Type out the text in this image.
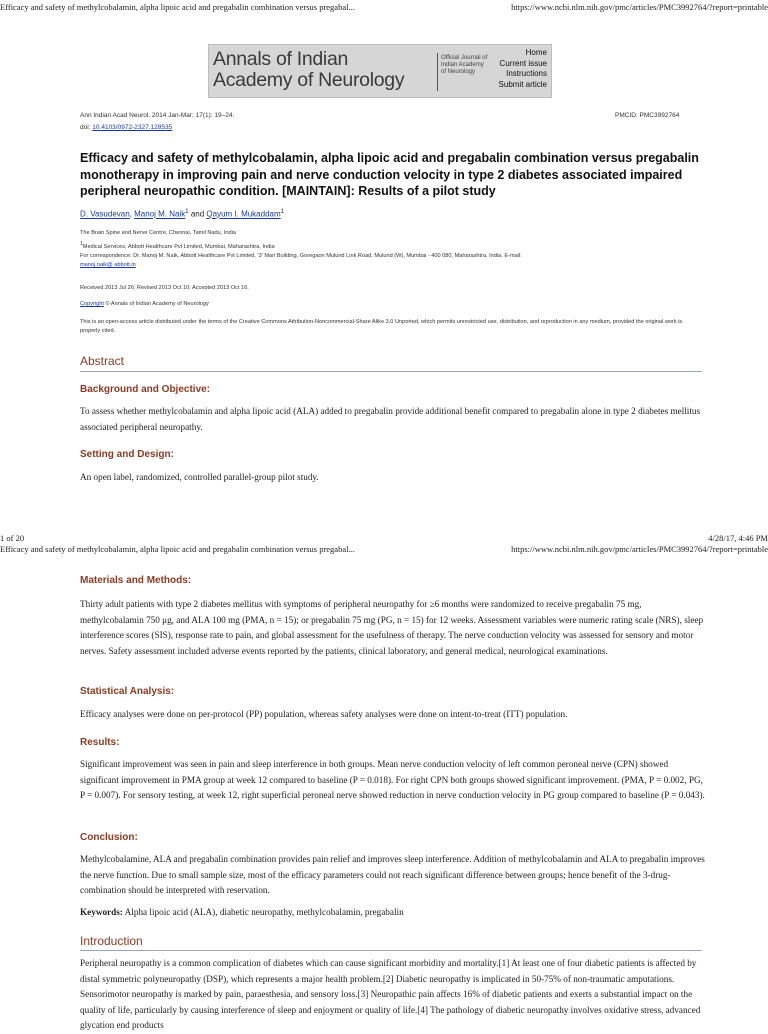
Efficacy and safety of methylcobalamin, alpha lipoic acid and pregabalin combination versus pregabal...	https://www.ncbi.nlm.nih.gov/pmc/articles/PMC3992764/?report=printable
Annals of Indian
Academy of Neurology
Official Journal of
Indian Academy
of Neurology
Home
Current issue
Instructions
Submit article
Ann Indian Acad Neurol. 2014 Jan-Mar; 17(1): 19–24.
doi: 10.4103/0972-2327.128535
PMCID: PMC3992764
Efficacy and safety of methylcobalamin, alpha lipoic acid and pregabalin combination versus pregabalin monotherapy in improving pain and nerve conduction velocity in type 2 diabetes associated impaired peripheral neuropathic condition. [MAINTAIN]: Results of a pilot study
D. Vasudevan, Manoj M. Naik$^1$ and Qayum I. Mukaddam$^1$
The Brain Spine and Nerve Centre, Chennai, Tamil Nadu, India
$^1$Medical Services, Abbott Healthcare Pvt Limited, Mumbai, Maharashtra, India
For correspondence: Dr. Manoj M. Naik, Abbott Healthcare Pvt Limited, '3' Mari Building, Goregaon Mulund Link Road, Mulund (W), Mumbai - 400 080, Maharashtra, India. E-mail:
manoj.naik@ abbott.in
Received 2013 Jul 26; Revised 2013 Oct 10; Accepted 2013 Oct 16.
Copyright © Annals of Indian Academy of Neurology
This is an open-access article distributed under the terms of the Creative Commons Attribution-Noncommercial-Share Alike 3.0 Unported, which permits unrestricted use, distribution, and reproduction in any medium, provided the original work is properly cited.
Abstract
Background and Objective:

To assess whether methylcobalamin and alpha lipoic acid (ALA) added to pregabalin provide additional benefit compared to pregabalin alone in type 2 diabetes mellitus associated peripheral neuropathy.

Setting and Design:

An open label, randomized, controlled parallel-group pilot study.

1 of 20	4/28/17, 4:46 PM
Efficacy and safety of methylcobalamin, alpha lipoic acid and pregabalin combination versus pregabal...	https://www.ncbi.nlm.nih.gov/pmc/articles/PMC3992764/?report=printable
Materials and Methods:

Thirty adult patients with type 2 diabetes mellitus with symptoms of peripheral neuropathy for ≥6 months were randomized to receive pregabalin 75 mg, methylcobalamin 750 μg, and ALA 100 mg (PMA, n = 15); or pregabalin 75 mg (PG, n = 15) for 12 weeks. Assessment variables were numeric rating scale (NRS), sleep interference scores (SIS), response rate to pain, and global assessment for the usefulness of therapy. The nerve conduction velocity was assessed for sensory and motor nerves. Safety assessment included adverse events reported by the patients, clinical laboratory, and general medical, neurological examinations.

Statistical Analysis:

Efficacy analyses were done on per-protocol (PP) population, whereas safety analyses were done on intent-to-treat (ITT) population.

Results:

Significant improvement was seen in pain and sleep interference in both groups. Mean nerve conduction velocity of left common peroneal nerve (CPN) showed significant improvement in PMA group at week 12 compared to baseline (P = 0.018). For right CPN both groups showed significant improvement. (PMA, P = 0.002, PG, P = 0.007). For sensory testing, at week 12, right superficial peroneal nerve showed reduction in nerve conduction velocity in PG group compared to baseline (P = 0.043).

Conclusion:

Methylcobalamine, ALA and pregabalin combination provides pain relief and improves sleep interference. Addition of methylcobalamin and ALA to pregabalin improves the nerve function. Due to small sample size, most of the efficacy parameters could not reach significant difference between groups; hence benefit of the 3-drug-combination should be interpreted with reservation.

Keywords: Alpha lipoic acid (ALA), diabetic neuropathy, methylcobalamin, pregabalin

Introduction

Peripheral neuropathy is a common complication of diabetes which can cause significant morbidity and mortality.[1] At least one of four diabetic patients is affected by distal symmetric polyneuropathy (DSP), which represents a major health problem.[2] Diabetic neuropathy is implicated in 50-75% of non-traumatic amputations. Sensorimotor neuropathy is marked by pain, paraesthesia, and sensory loss.[3] Neuropathic pain affects 16% of diabetic patients and exerts a substantial impact on the quality of life, particularly by causing interference of sleep and enjoyment or quality of life.[4] The pathology of diabetic neuropathy involves oxidative stress, advanced glycation end products
